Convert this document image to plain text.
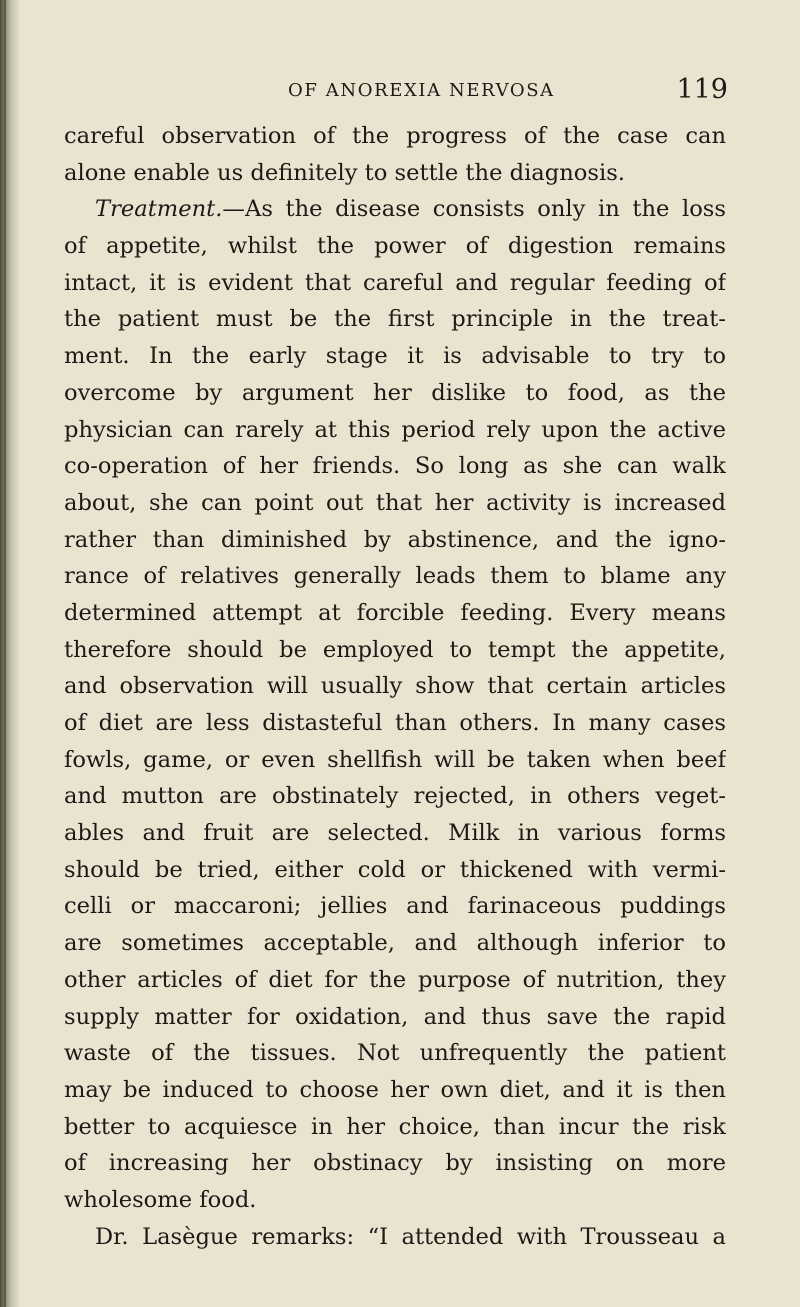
OF ANOREXIA NERVOSA	119
careful observation of the progress of the case can
alone enable us definitely to settle the diagnosis.
Treatment.—As the disease consists only in the loss
of appetite, whilst the power of digestion remains
intact, it is evident that careful and regular feeding of
the patient must be the first principle in the treat-
ment. In the early stage it is advisable to try to
overcome by argument her dislike to food, as the
physician can rarely at this period rely upon the active
co-operation of her friends. So long as she can walk
about, she can point out that her activity is increased
rather than diminished by abstinence, and the igno-
rance of relatives generally leads them to blame any
determined attempt at forcible feeding. Every means
therefore should be employed to tempt the appetite,
and observation will usually show that certain articles
of diet are less distasteful than others. In many cases
fowls, game, or even shellfish will be taken when beef
and mutton are obstinately rejected, in others veget-
ables and fruit are selected. Milk in various forms
should be tried, either cold or thickened with vermi-
celli or maccaroni; jellies and farinaceous puddings
are sometimes acceptable, and although inferior to
other articles of diet for the purpose of nutrition, they
supply matter for oxidation, and thus save the rapid
waste of the tissues. Not unfrequently the patient
may be induced to choose her own diet, and it is then
better to acquiesce in her choice, than incur the risk
of increasing her obstinacy by insisting on more
wholesome food.
Dr. Lasègue remarks: “I attended with Trousseau a
